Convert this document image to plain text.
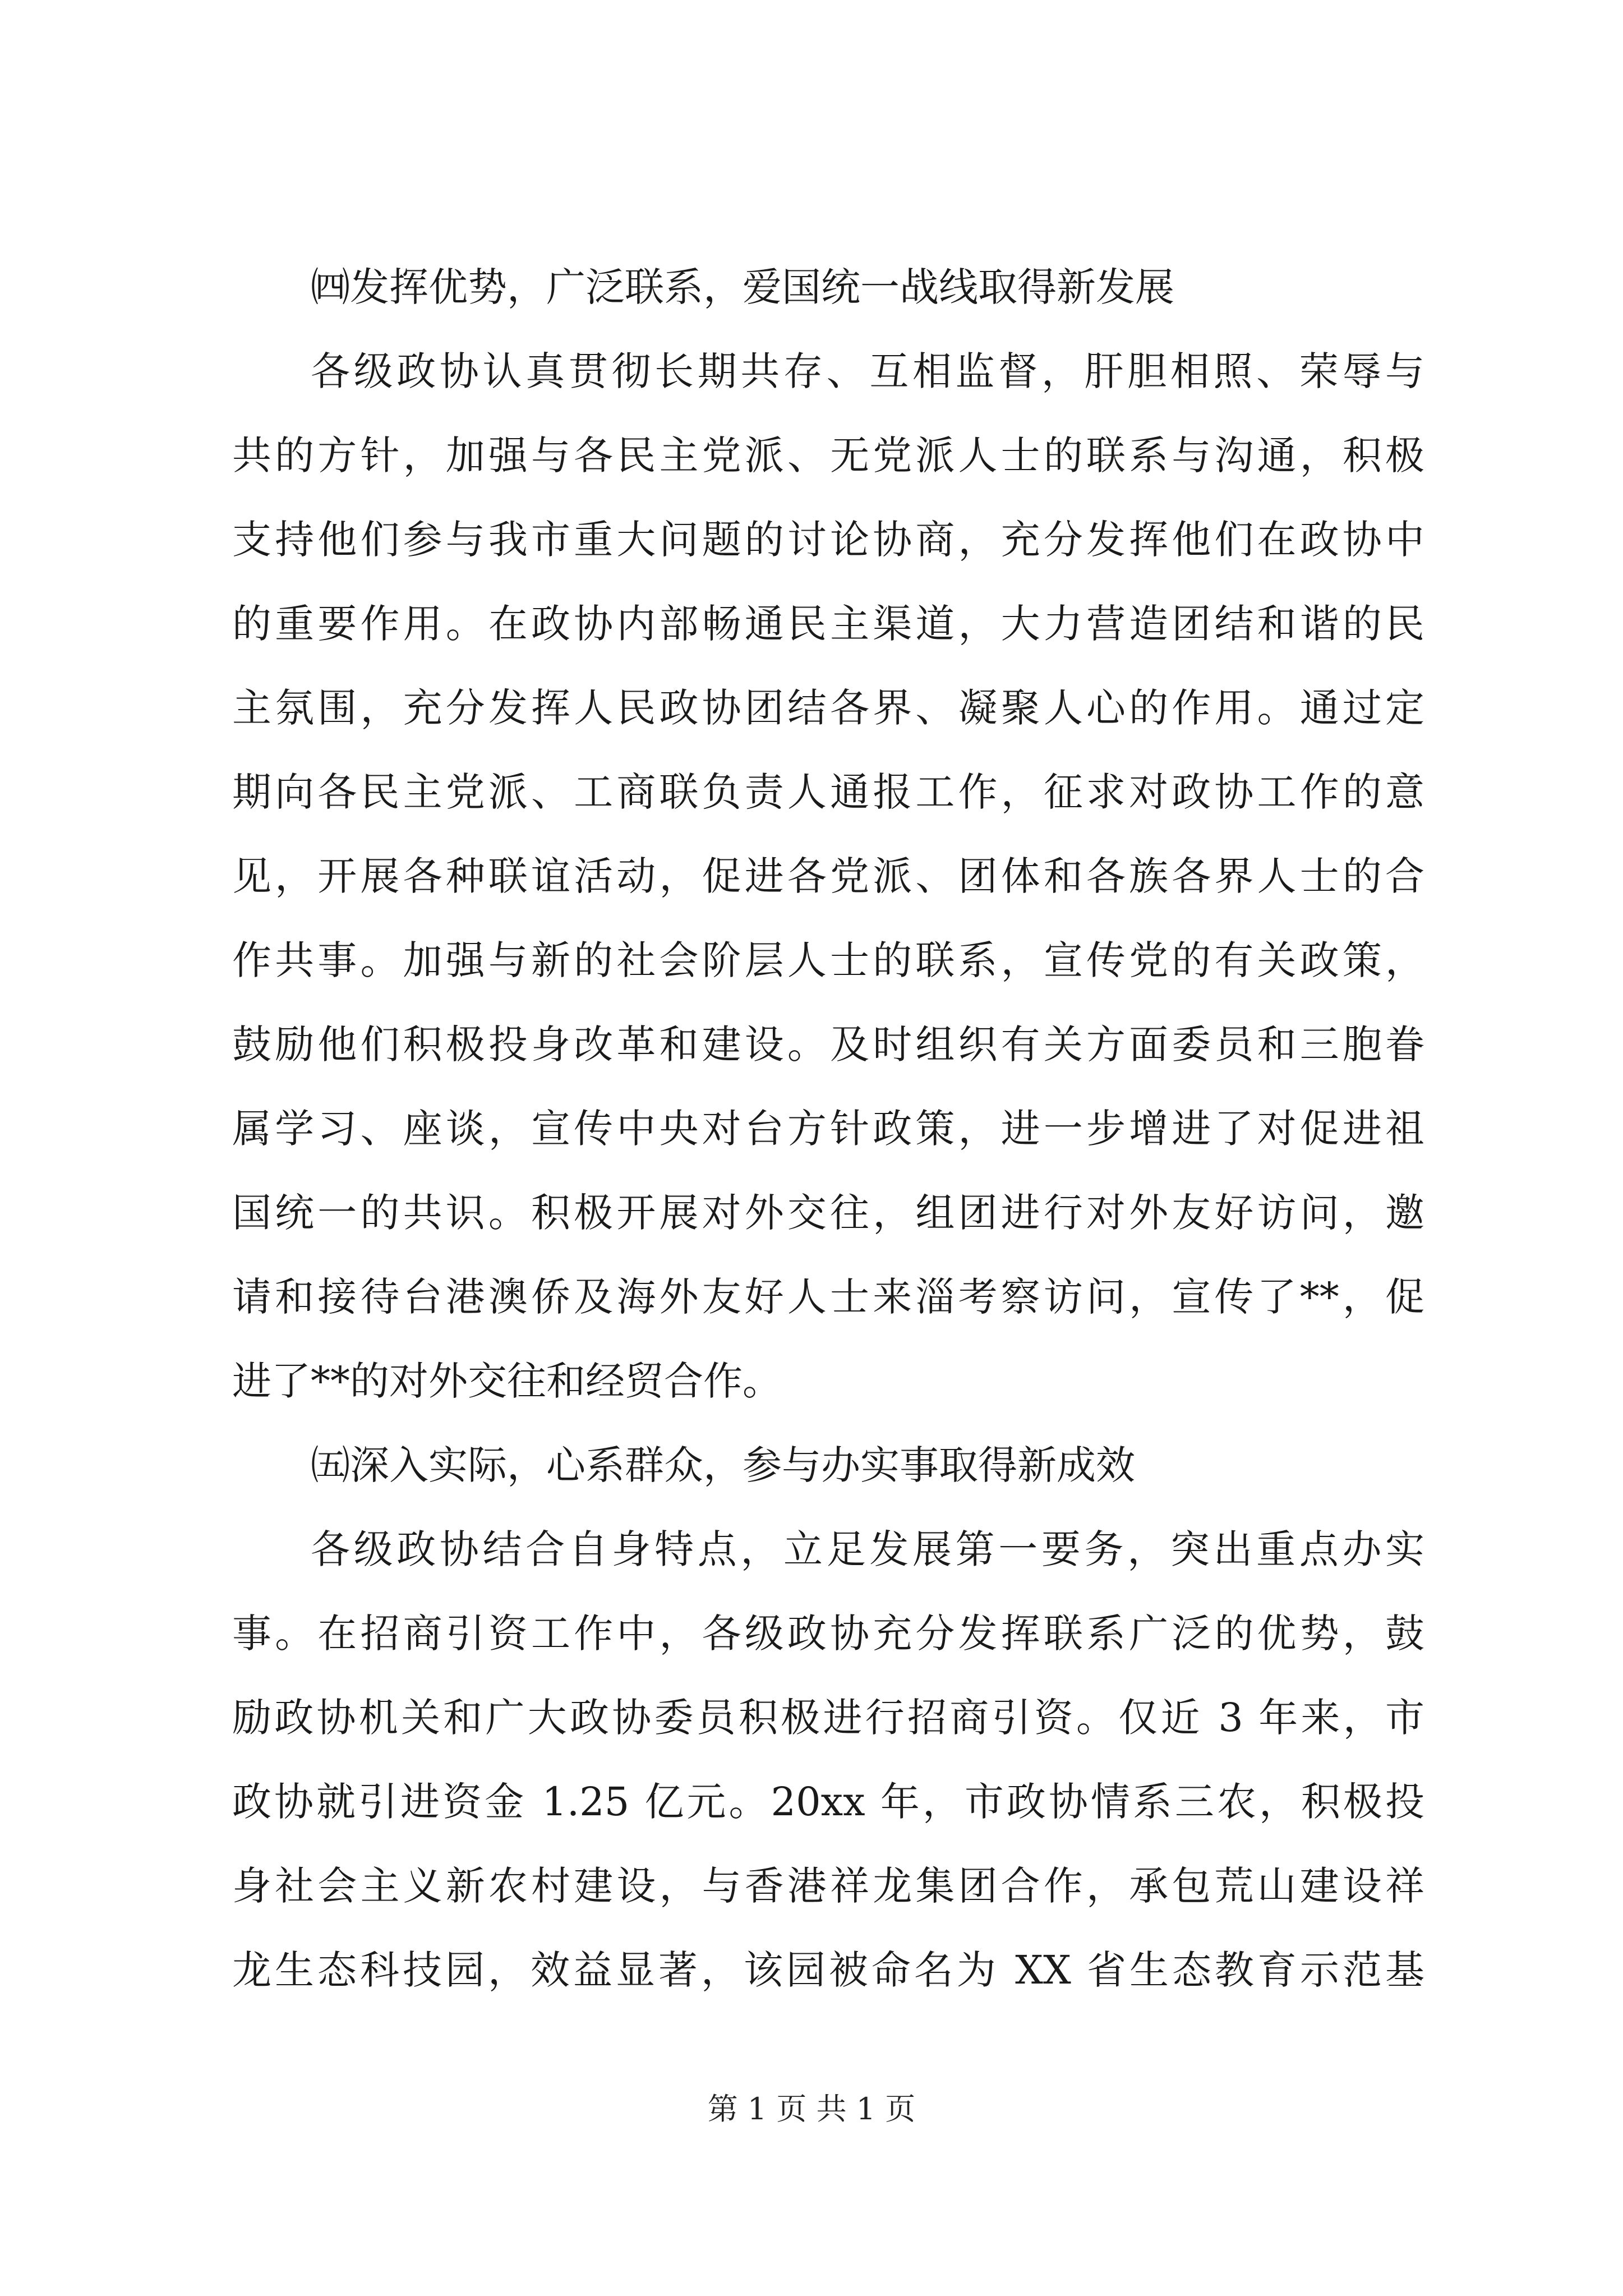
㈣发挥优势，广泛联系，爱国统一战线取得新发展
各级政协认真贯彻长期共存、互相监督，肝胆相照、荣辱与
共的方针，加强与各民主党派、无党派人士的联系与沟通，积极
支持他们参与我市重大问题的讨论协商，充分发挥他们在政协中
的重要作用。在政协内部畅通民主渠道，大力营造团结和谐的民
主氛围，充分发挥人民政协团结各界、凝聚人心的作用。通过定
期向各民主党派、工商联负责人通报工作，征求对政协工作的意
见，开展各种联谊活动，促进各党派、团体和各族各界人士的合
作共事。加强与新的社会阶层人士的联系，宣传党的有关政策，
鼓励他们积极投身改革和建设。及时组织有关方面委员和三胞眷
属学习、座谈，宣传中央对台方针政策，进一步增进了对促进祖
国统一的共识。积极开展对外交往，组团进行对外友好访问，邀
请和接待台港澳侨及海外友好人士来淄考察访问，宣传了**，促
进了**的对外交往和经贸合作。
㈤深入实际，心系群众，参与办实事取得新成效
各级政协结合自身特点，立足发展第一要务，突出重点办实
事。在招商引资工作中，各级政协充分发挥联系广泛的优势，鼓
励政协机关和广大政协委员积极进行招商引资。仅近 3 年来，市
政协就引进资金 1.25 亿元。20xx 年，市政协情系三农，积极投
身社会主义新农村建设，与香港祥龙集团合作，承包荒山建设祥
龙生态科技园，效益显著，该园被命名为 XX 省生态教育示范基
第 1 页 共 1 页
